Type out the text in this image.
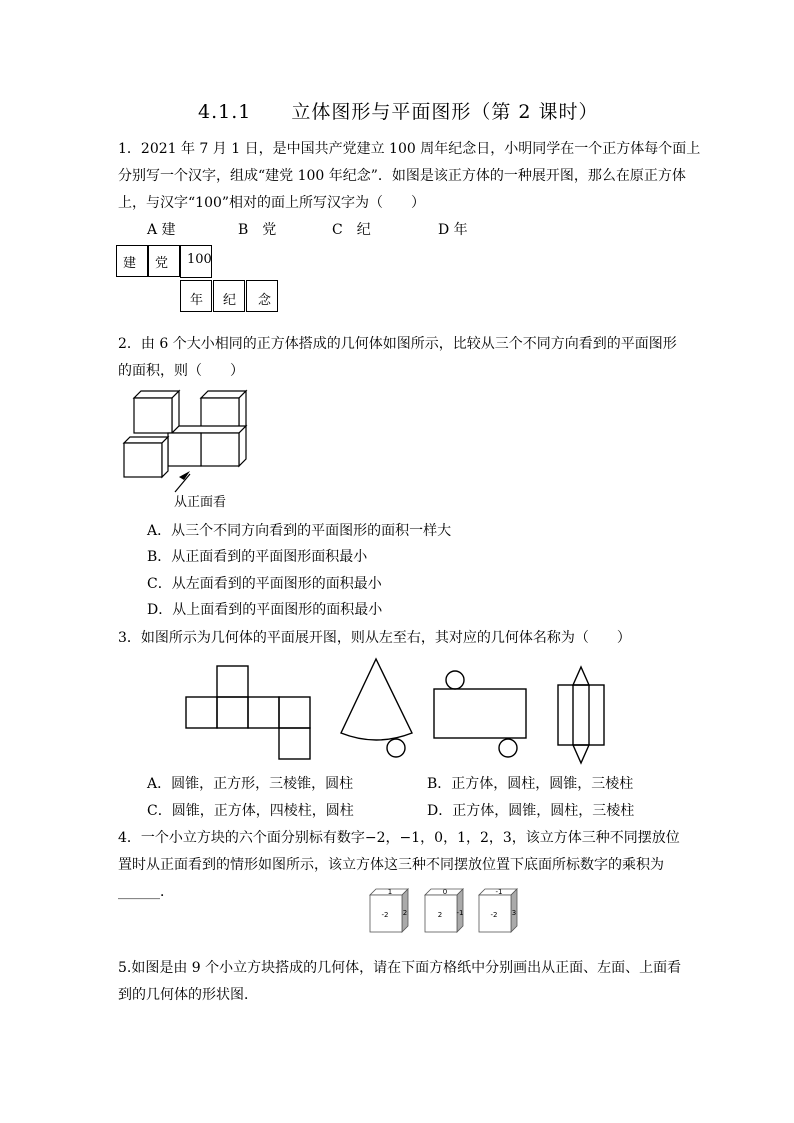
4.1.1　　立体图形与平面图形（第 2 课时）
1．2021 年 7 月 1 日，是中国共产党建立 100 周年纪念日，小明同学在一个正方体每个面上
分别写一个汉字，组成“建党 100 年纪念”．如图是该正方体的一种展开图，那么在原正方体
上，与汉字“100”相对的面上所写汉字为（　　）
A 建	B　党	C　纪	D 年
建	党	100
年	纪	念
2．由 6 个大小相同的正方体搭成的几何体如图所示，比较从三个不同方向看到的平面图形
的面积，则（　　）
从正面看
A．从三个不同方向看到的平面图形的面积一样大
B．从正面看到的平面图形面积最小
C．从左面看到的平面图形的面积最小
D．从上面看到的平面图形的面积最小
3．如图所示为几何体的平面展开图，则从左至右，其对应的几何体名称为（　　）
A．圆锥，正方形，三棱锥，圆柱	B．正方体，圆柱，圆锥，三棱柱
C．圆锥，正方体，四棱柱，圆柱	D．正方体，圆锥，圆柱，三棱柱
4．一个小立方块的六个面分别标有数字−2，−1，0，1，2，3，该立方体三种不同摆放位
置时从正面看到的情形如图所示，该立方体这三种不同摆放位置下底面所标数字的乘积为
______．	1
-2 2
0
2 -1
-1
-2 3
5.如图是由 9 个小立方块搭成的几何体，请在下面方格纸中分别画出从正面、左面、上面看
到的几何体的形状图．
